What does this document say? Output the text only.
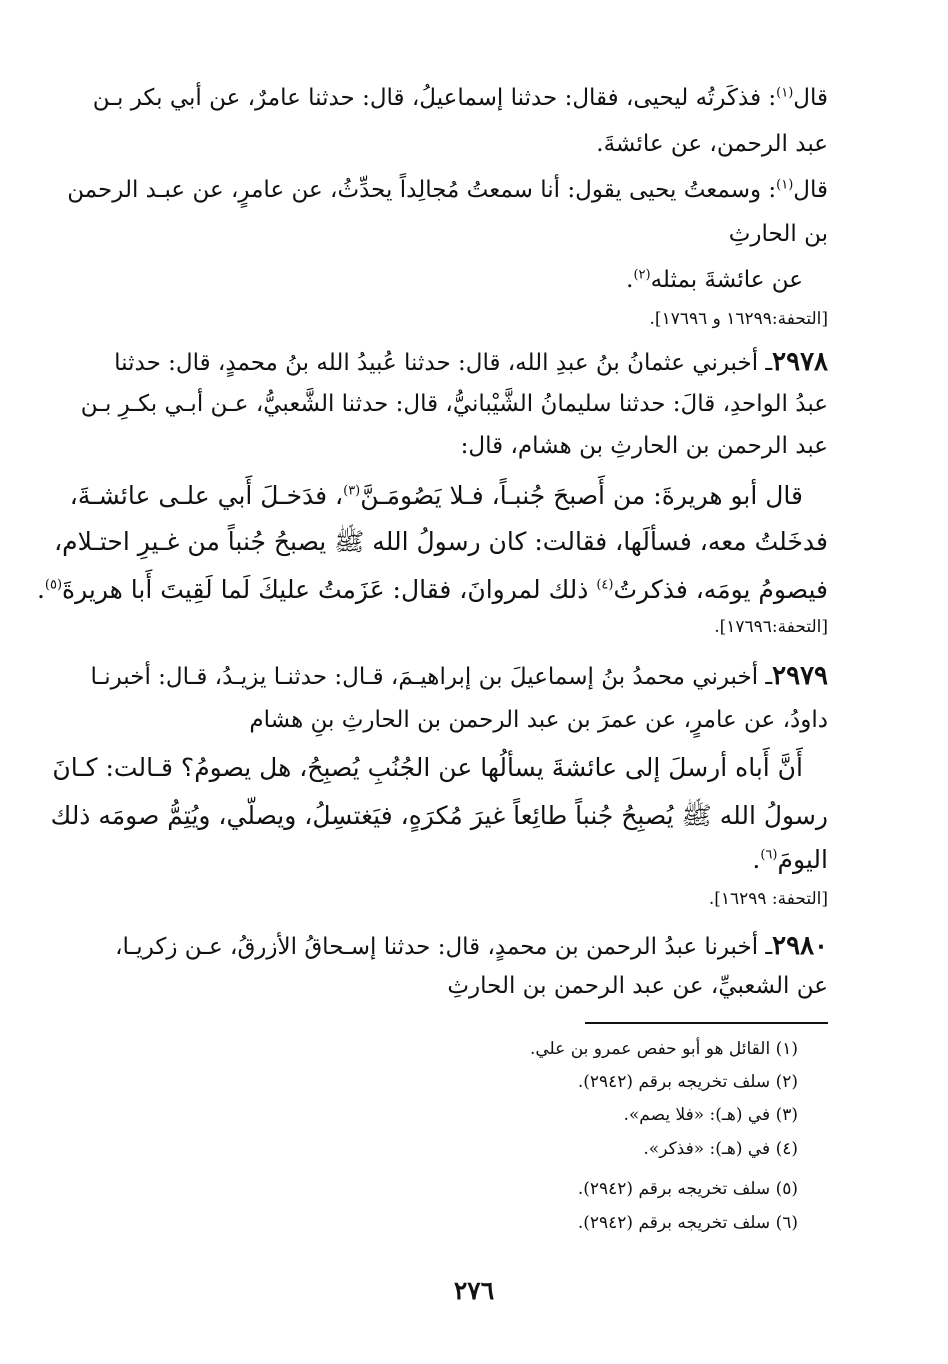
قال$^{(١)}$: فذكَرتُه ليحيى، فقال: حدثنا إسماعيلُ، قال: حدثنا عامرٌ، عن أبي بكر بـن
عبد الرحمن، عن عائشةَ.
قال$^{(١)}$: وسمعتُ يحيى يقول: أنا سمعتُ مُجالِداً يحدِّثُ، عن عامرٍ، عن عبـد الرحمن
بن الحارثِ
عن عائشةَ بمثله$^{(٢)}$.
[التحفة:١٦٢٩٩ و ١٧٦٩٦].
٢٩٧٨ـ أخبرني عثمانُ بنُ عبدِ الله، قال: حدثنا عُبيدُ الله بنُ محمدٍ، قال: حدثنا
عبدُ الواحدِ، قالَ: حدثنا سليمانُ الشَّيْبانيُّ، قال: حدثنا الشَّعبيُّ، عـن أبـي بكـرِ بـن
عبد الرحمن بن الحارثِ بن هشام، قال:
قال أبو هريرةَ: من أَصبحَ جُنبـاً، فـلا يَصُومَـنَّ$^{(٣)}$، فدَخـلَ أَبي علـى عائشـةَ،
فدخَلتُ معه، فسألَها، فقالت: كان رسولُ الله ﷺ يصبحُ جُنباً من غـيرِ احتـلام،
فيصومُ يومَه، فذكرتُ$^{(٤)}$ ذلك لمروانَ، فقال: عَزَمتُ عليكَ لَما لَقِيتَ أَبا هريرةَ$^{(٥)}$.
[التحفة:١٧٦٩٦].
٢٩٧٩ـ أخبرني محمدُ بنُ إسماعيلَ بن إبراهيـمَ، قـال: حدثنـا يزيـدُ، قـال: أخبرنـا
داودُ، عن عامرٍ، عن عمرَ بن عبد الرحمن بن الحارثِ بنِ هشام
أَنَّ أَباه أرسلَ إلى عائشةَ يسألُها عن الجُنُبِ يُصبِحُ، هل يصومُ؟ قـالت: كـانَ
رسولُ الله ﷺ يُصبِحُ جُنباً طائِعاً غيرَ مُكرَهٍ، فيَغتسِلُ، ويصلّي، ويُتِمُّ صومَه ذلك
اليومَ$^{(٦)}$.
[التحفة: ١٦٢٩٩].
٢٩٨٠ـ أخبرنا عبدُ الرحمن بن محمدٍ، قال: حدثنا إسـحاقُ الأزرقُ، عـن زكريـا،
عن الشعبيِّ، عن عبد الرحمن بن الحارثِ
(١) القائل هو أبو حفص عمرو بن علي.
(٢) سلف تخريجه برقم (٢٩٤٢).
(٣) في (هـ): «فلا يصم».
(٤) في (هـ): «فذكر».
(٥) سلف تخريجه برقم (٢٩٤٢).
(٦) سلف تخريجه برقم (٢٩٤٢).
٢٧٦
